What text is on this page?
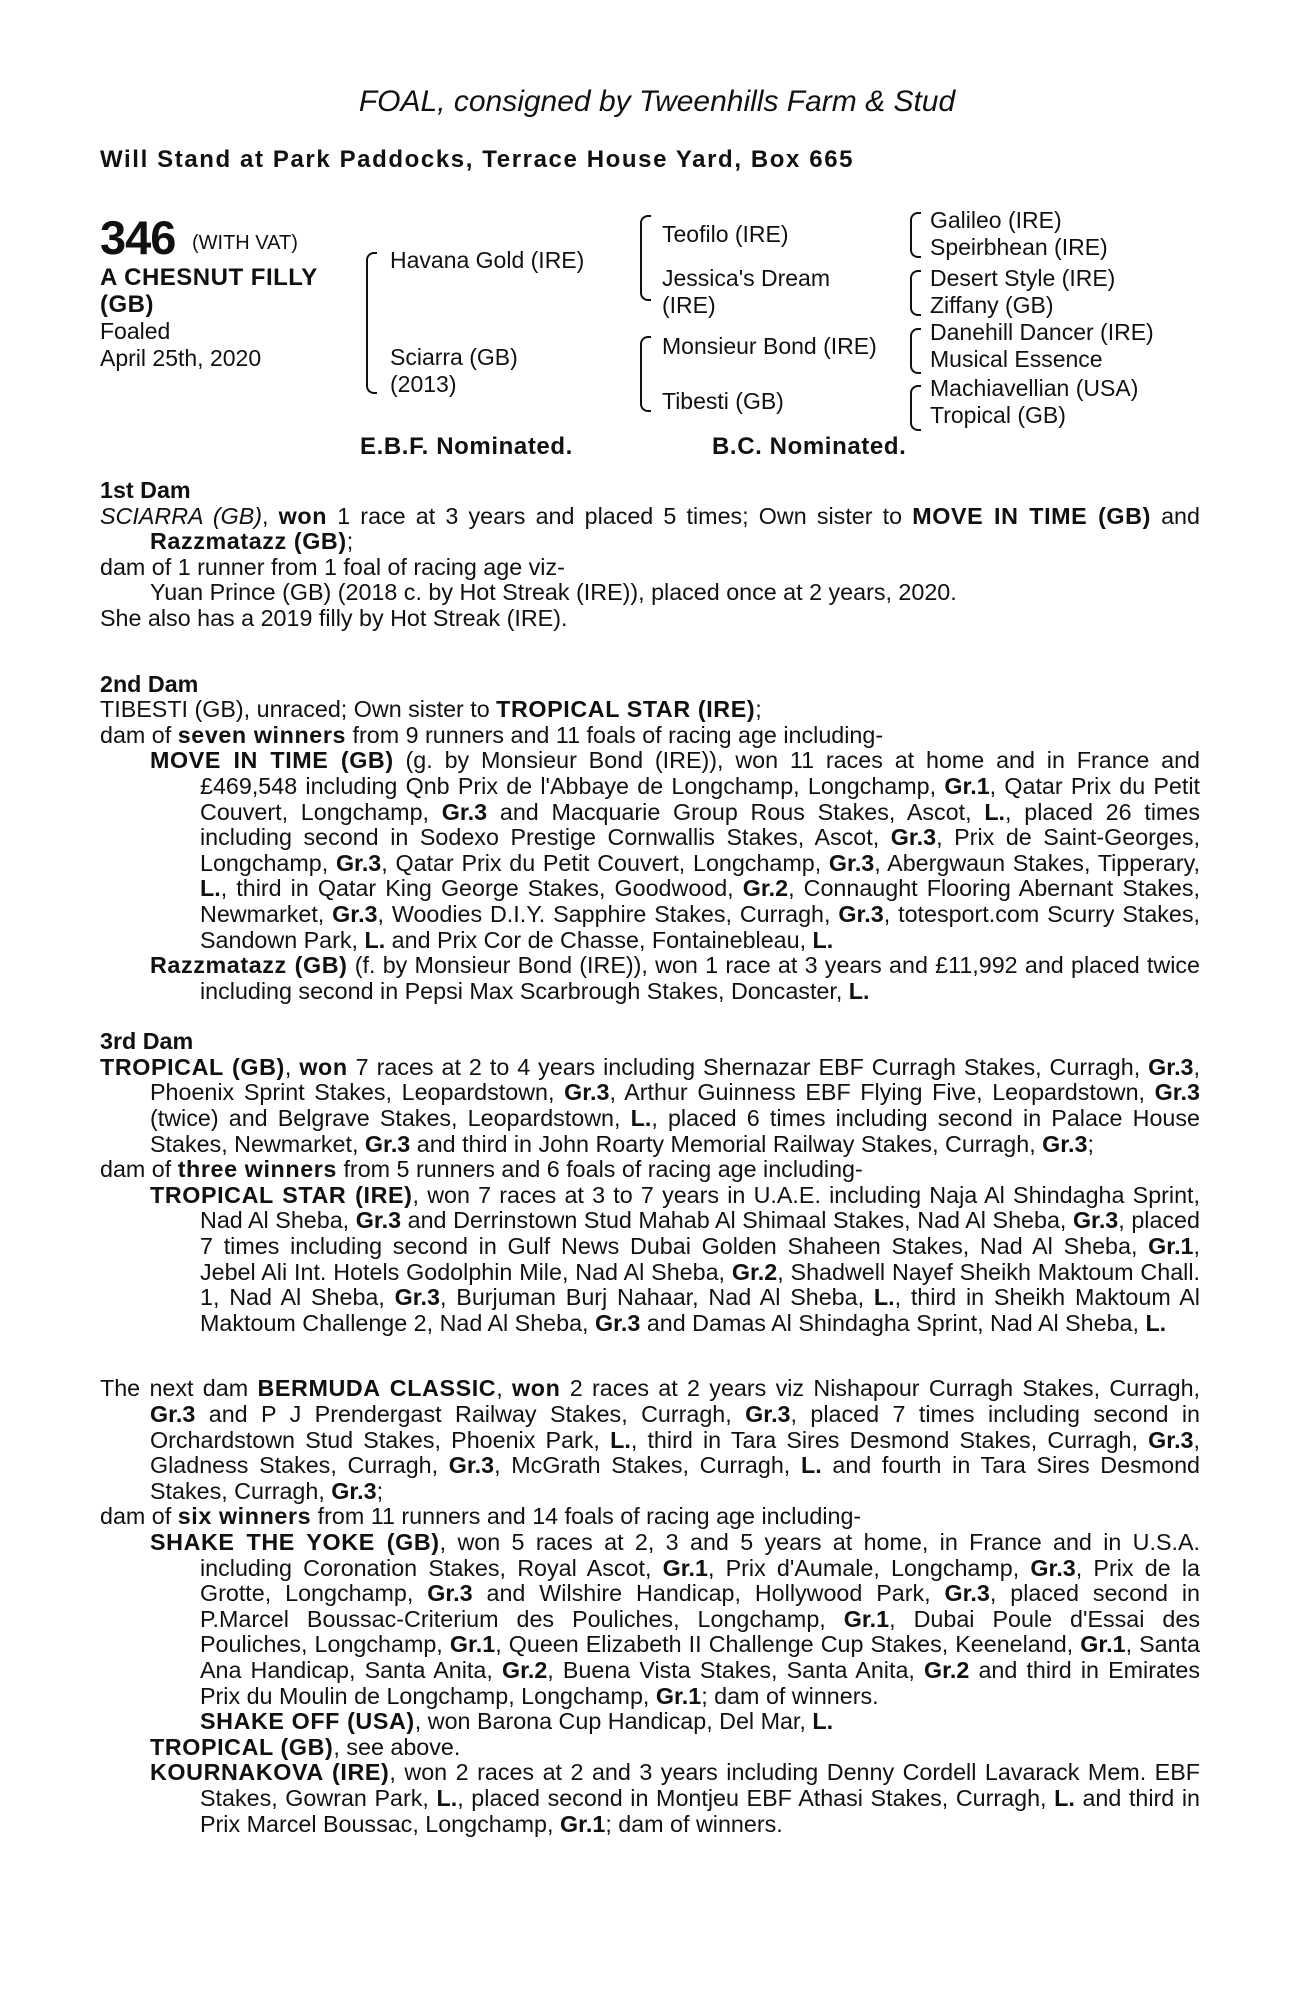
FOAL, consigned by Tweenhills Farm & Stud
Will Stand at Park Paddocks, Terrace House Yard, Box 665
346 (WITH VAT)
A CHESNUT FILLY
(GB)
Foaled
April 25th, 2020
Havana Gold (IRE)
Sciarra (GB)
(2013)
Teofilo (IRE)
Jessica's Dream
(IRE)
Monsieur Bond (IRE)
Tibesti (GB)
Galileo (IRE)
Speirbhean (IRE)
Desert Style (IRE)
Ziffany (GB)
Danehill Dancer (IRE)
Musical Essence
Machiavellian (USA)
Tropical (GB)
E.B.F. Nominated.	B.C. Nominated.

1st Dam

SCIARRA (GB), won 1 race at 3 years and placed 5 times; Own sister to MOVE IN TIME (GB) and Razzmatazz (GB);

dam of 1 runner from 1 foal of racing age viz-

Yuan Prince (GB) (2018 c. by Hot Streak (IRE)), placed once at 2 years, 2020.

She also has a 2019 filly by Hot Streak (IRE).

2nd Dam

TIBESTI (GB), unraced; Own sister to TROPICAL STAR (IRE);

dam of seven winners from 9 runners and 11 foals of racing age including-

MOVE IN TIME (GB) (g. by Monsieur Bond (IRE)), won 11 races at home and in France and £469,548 including Qnb Prix de l'Abbaye de Longchamp, Longchamp, Gr.1, Qatar Prix du Petit Couvert, Longchamp, Gr.3 and Macquarie Group Rous Stakes, Ascot, L., placed 26 times including second in Sodexo Prestige Cornwallis Stakes, Ascot, Gr.3, Prix de Saint-Georges, Longchamp, Gr.3, Qatar Prix du Petit Couvert, Longchamp, Gr.3, Abergwaun Stakes, Tipperary, L., third in Qatar King George Stakes, Goodwood, Gr.2, Connaught Flooring Abernant Stakes, Newmarket, Gr.3, Woodies D.I.Y. Sapphire Stakes, Curragh, Gr.3, totesport.com Scurry Stakes, Sandown Park, L. and Prix Cor de Chasse, Fontainebleau, L.

Razzmatazz (GB) (f. by Monsieur Bond (IRE)), won 1 race at 3 years and £11,992 and placed twice including second in Pepsi Max Scarbrough Stakes, Doncaster, L.

3rd Dam

TROPICAL (GB), won 7 races at 2 to 4 years including Shernazar EBF Curragh Stakes, Curragh, Gr.3, Phoenix Sprint Stakes, Leopardstown, Gr.3, Arthur Guinness EBF Flying Five, Leopardstown, Gr.3 (twice) and Belgrave Stakes, Leopardstown, L., placed 6 times including second in Palace House Stakes, Newmarket, Gr.3 and third in John Roarty Memorial Railway Stakes, Curragh, Gr.3;

dam of three winners from 5 runners and 6 foals of racing age including-

TROPICAL STAR (IRE), won 7 races at 3 to 7 years in U.A.E. including Naja Al Shindagha Sprint, Nad Al Sheba, Gr.3 and Derrinstown Stud Mahab Al Shimaal Stakes, Nad Al Sheba, Gr.3, placed 7 times including second in Gulf News Dubai Golden Shaheen Stakes, Nad Al Sheba, Gr.1, Jebel Ali Int. Hotels Godolphin Mile, Nad Al Sheba, Gr.2, Shadwell Nayef Sheikh Maktoum Chall. 1, Nad Al Sheba, Gr.3, Burjuman Burj Nahaar, Nad Al Sheba, L., third in Sheikh Maktoum Al Maktoum Challenge 2, Nad Al Sheba, Gr.3 and Damas Al Shindagha Sprint, Nad Al Sheba, L.

The next dam BERMUDA CLASSIC, won 2 races at 2 years viz Nishapour Curragh Stakes, Curragh, Gr.3 and P J Prendergast Railway Stakes, Curragh, Gr.3, placed 7 times including second in Orchardstown Stud Stakes, Phoenix Park, L., third in Tara Sires Desmond Stakes, Curragh, Gr.3, Gladness Stakes, Curragh, Gr.3, McGrath Stakes, Curragh, L. and fourth in Tara Sires Desmond Stakes, Curragh, Gr.3;

dam of six winners from 11 runners and 14 foals of racing age including-

SHAKE THE YOKE (GB), won 5 races at 2, 3 and 5 years at home, in France and in U.S.A. including Coronation Stakes, Royal Ascot, Gr.1, Prix d'Aumale, Longchamp, Gr.3, Prix de la Grotte, Longchamp, Gr.3 and Wilshire Handicap, Hollywood Park, Gr.3, placed second in P.Marcel Boussac-Criterium des Pouliches, Longchamp, Gr.1, Dubai Poule d'Essai des Pouliches, Longchamp, Gr.1, Queen Elizabeth II Challenge Cup Stakes, Keeneland, Gr.1, Santa Ana Handicap, Santa Anita, Gr.2, Buena Vista Stakes, Santa Anita, Gr.2 and third in Emirates Prix du Moulin de Longchamp, Longchamp, Gr.1; dam of winners.

SHAKE OFF (USA), won Barona Cup Handicap, Del Mar, L.

TROPICAL (GB), see above.

KOURNAKOVA (IRE), won 2 races at 2 and 3 years including Denny Cordell Lavarack Mem. EBF Stakes, Gowran Park, L., placed second in Montjeu EBF Athasi Stakes, Curragh, L. and third in Prix Marcel Boussac, Longchamp, Gr.1; dam of winners.
